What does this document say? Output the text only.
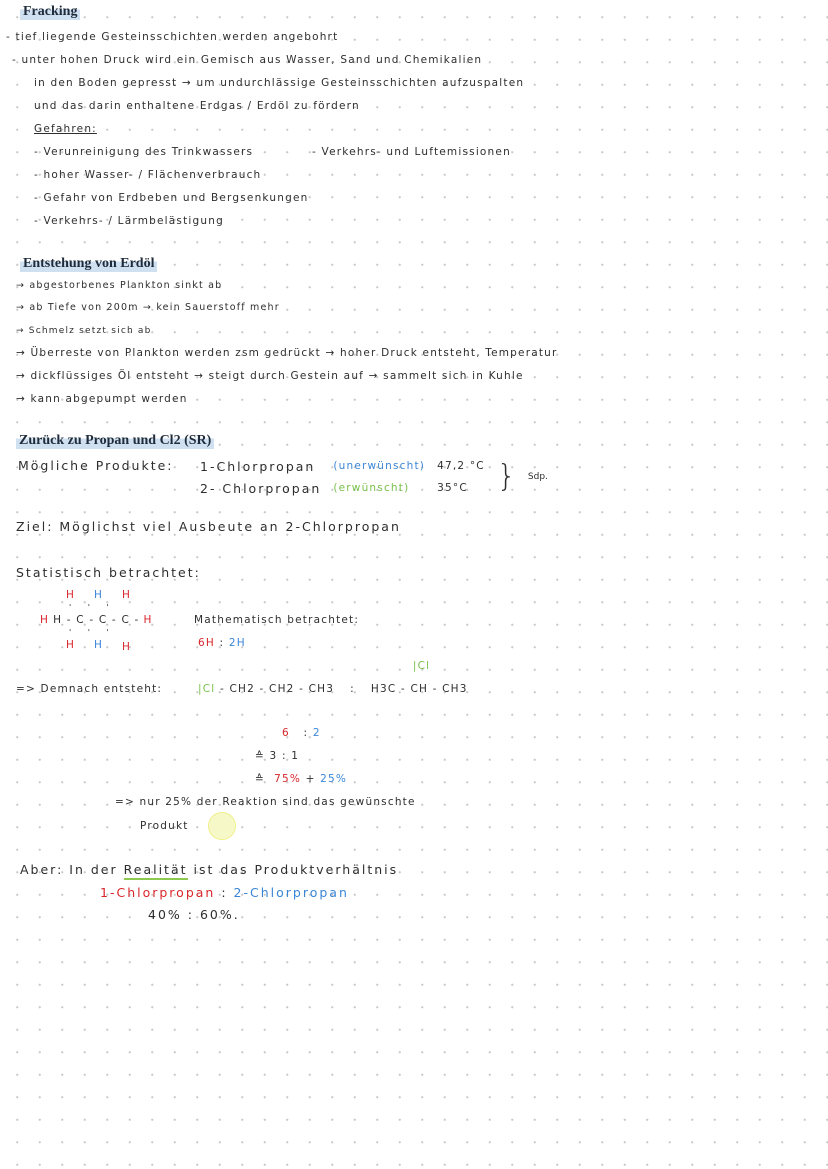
Fracking
- tief liegende Gesteinsschichten werden angebohrt
- unter hohen Druck wird ein Gemisch aus Wasser, Sand und Chemikalien
in den Boden gepresst → um undurchlässige Gesteinsschichten aufzuspalten
und das darin enthaltene Erdgas / Erdöl zu fördern
Gefahren:
- Verunreinigung des Trinkwassers	- Verkehrs- und Luftemissionen
- hoher Wasser- / Flächenverbrauch
- Gefahr von Erdbeben und Bergsenkungen
- Verkehrs- / Lärmbelästigung
Entstehung von Erdöl
→ abgestorbenes Plankton sinkt ab
→ ab Tiefe von 200m → kein Sauerstoff mehr
→ Schmelz setzt sich ab
→ Überreste von Plankton werden zsm gedrückt → hoher Druck entsteht, Temperatur
→ dickflüssiges Öl entsteht → steigt durch Gestein auf → sammelt sich in Kuhle
→ kann abgepumpt werden
Zurück zu Propan und Cl2 (SR)
Mögliche Produkte: 1-Chlorpropan	(unerwünscht) 47,2 °C
2- Chlorpropan (erwünscht)	35°C } Sdp.
Ziel: Möglichst viel Ausbeute an 2-Chlorpropan
Statistisch betrachtet:
H H H
' ' '
H H - C - C - C - H
' ' '
H H H
Mathematisch betrachtet:
6H : 2H
=> Demnach entsteht:	|Cl - CH2 - CH2 - CH3 :
|Cl
H3C - CH - CH3
6 : 2
≙ 3 : 1
≙ 75% + 25%
=> nur 25% der Reaktion sind das gewünschte
Produkt
Aber: In der Realität ist das Produktverhältnis
1-Chlorpropan : 2-Chlorpropan
40% : 60%.
